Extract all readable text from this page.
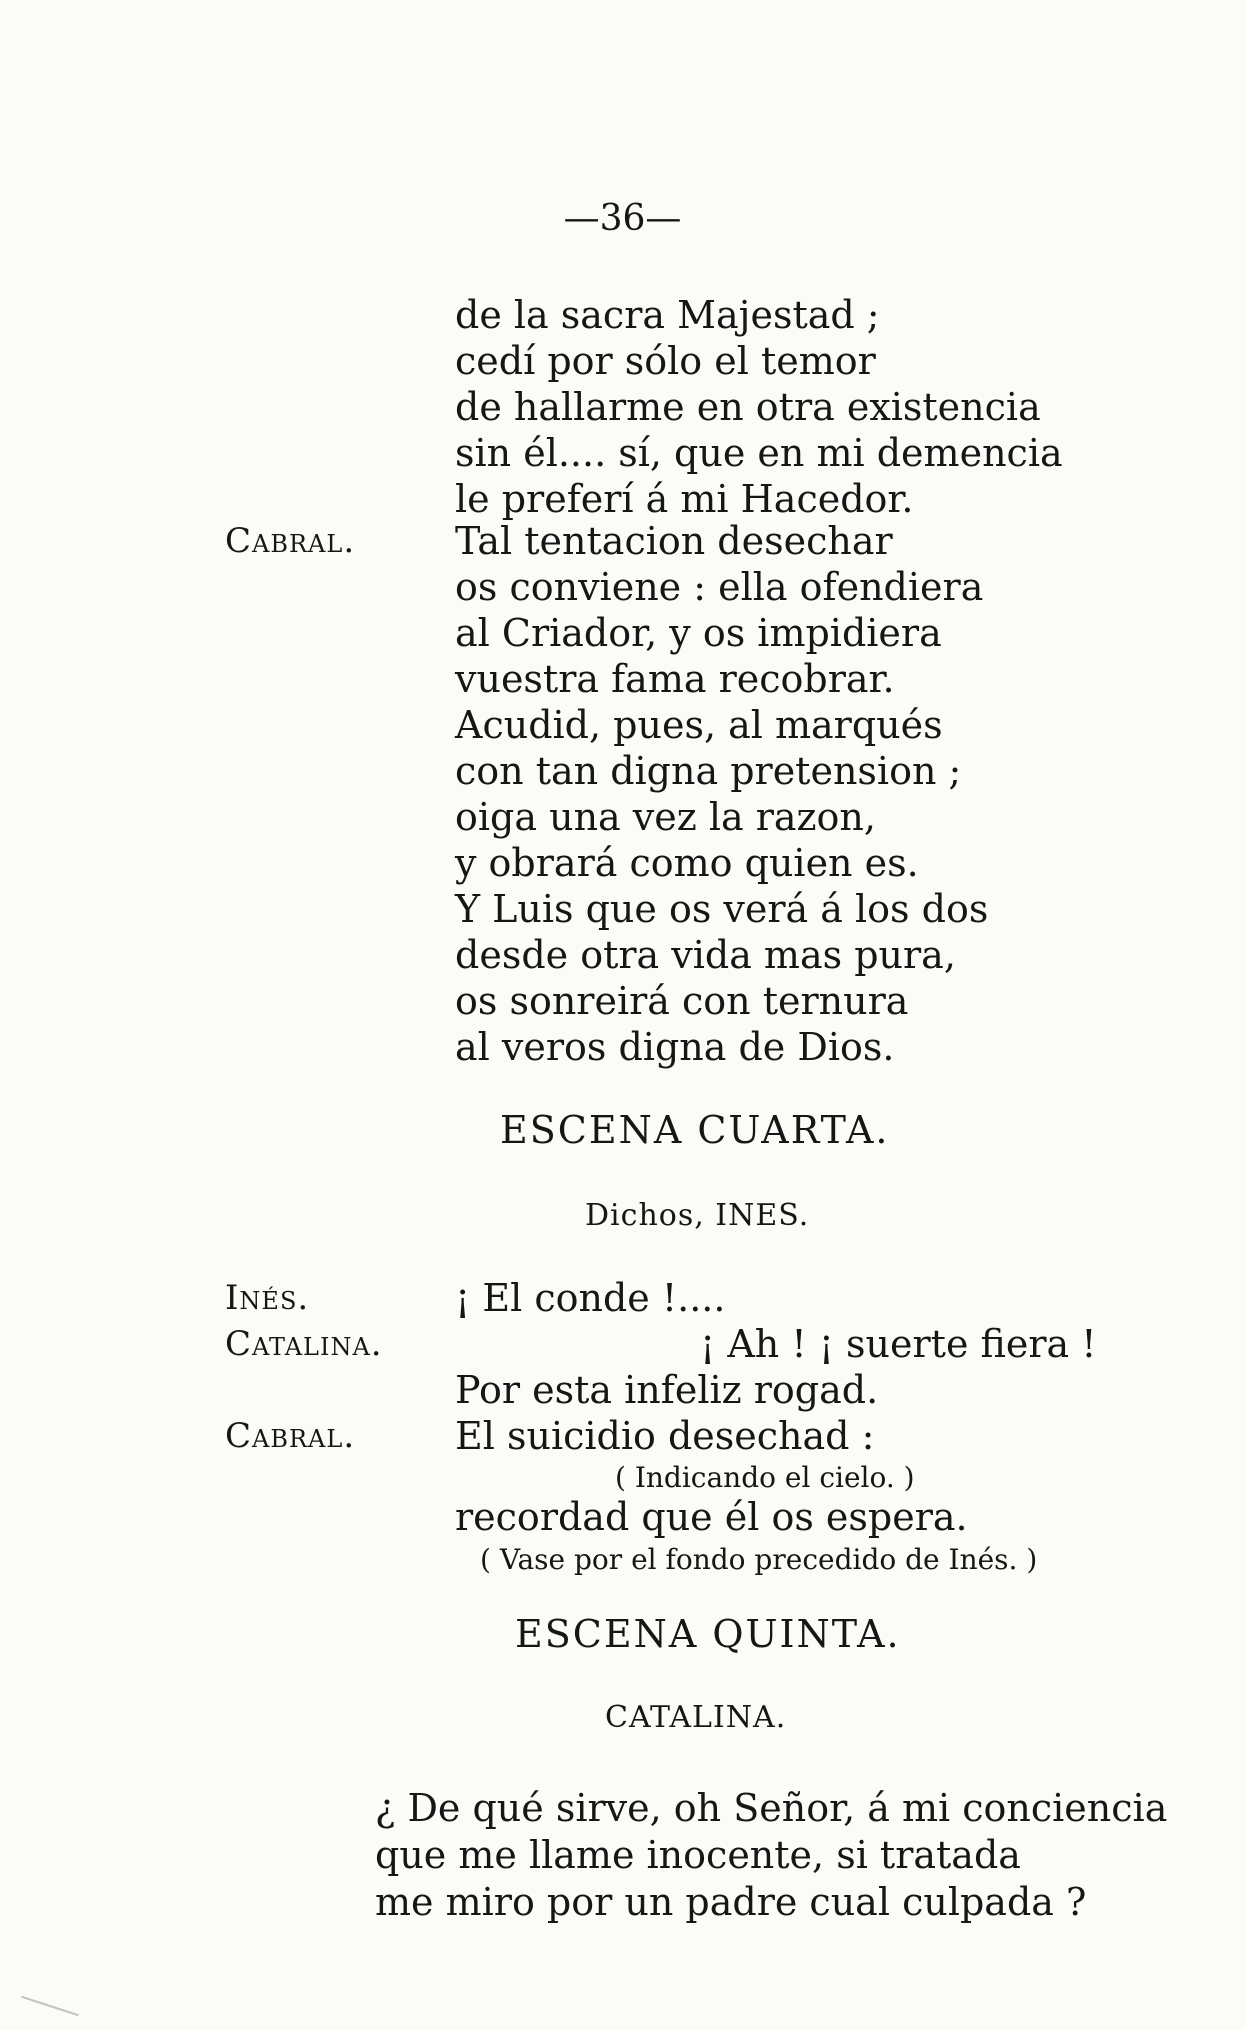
—36—
de la sacra Majestad ;
cedí por sólo el temor
de hallarme en otra existencia
sin él.... sí, que en mi demencia
le preferí á mi Hacedor.
Cabral.	Tal tentacion desechar
os conviene : ella ofendiera
al Criador, y os impidiera
vuestra fama recobrar.
Acudid, pues, al marqués
con tan digna pretension ;
oiga una vez la razon,
y obrará como quien es.
Y Luis que os verá á los dos
desde otra vida mas pura,
os sonreirá con ternura
al veros digna de Dios.
ESCENA CUARTA.
Dichos, INES.
Inés.	¡ El conde !....
Catalina.	¡ Ah ! ¡ suerte fiera !
Por esta infeliz rogad.
Cabral.	El suicidio desechad :
( Indicando el cielo. )
recordad que él os espera.
( Vase por el fondo precedido de Inés. )
ESCENA QUINTA.
CATALINA.
¿ De qué sirve, oh Señor, á mi conciencia
que me llame inocente, si tratada
me miro por un padre cual culpada ?
